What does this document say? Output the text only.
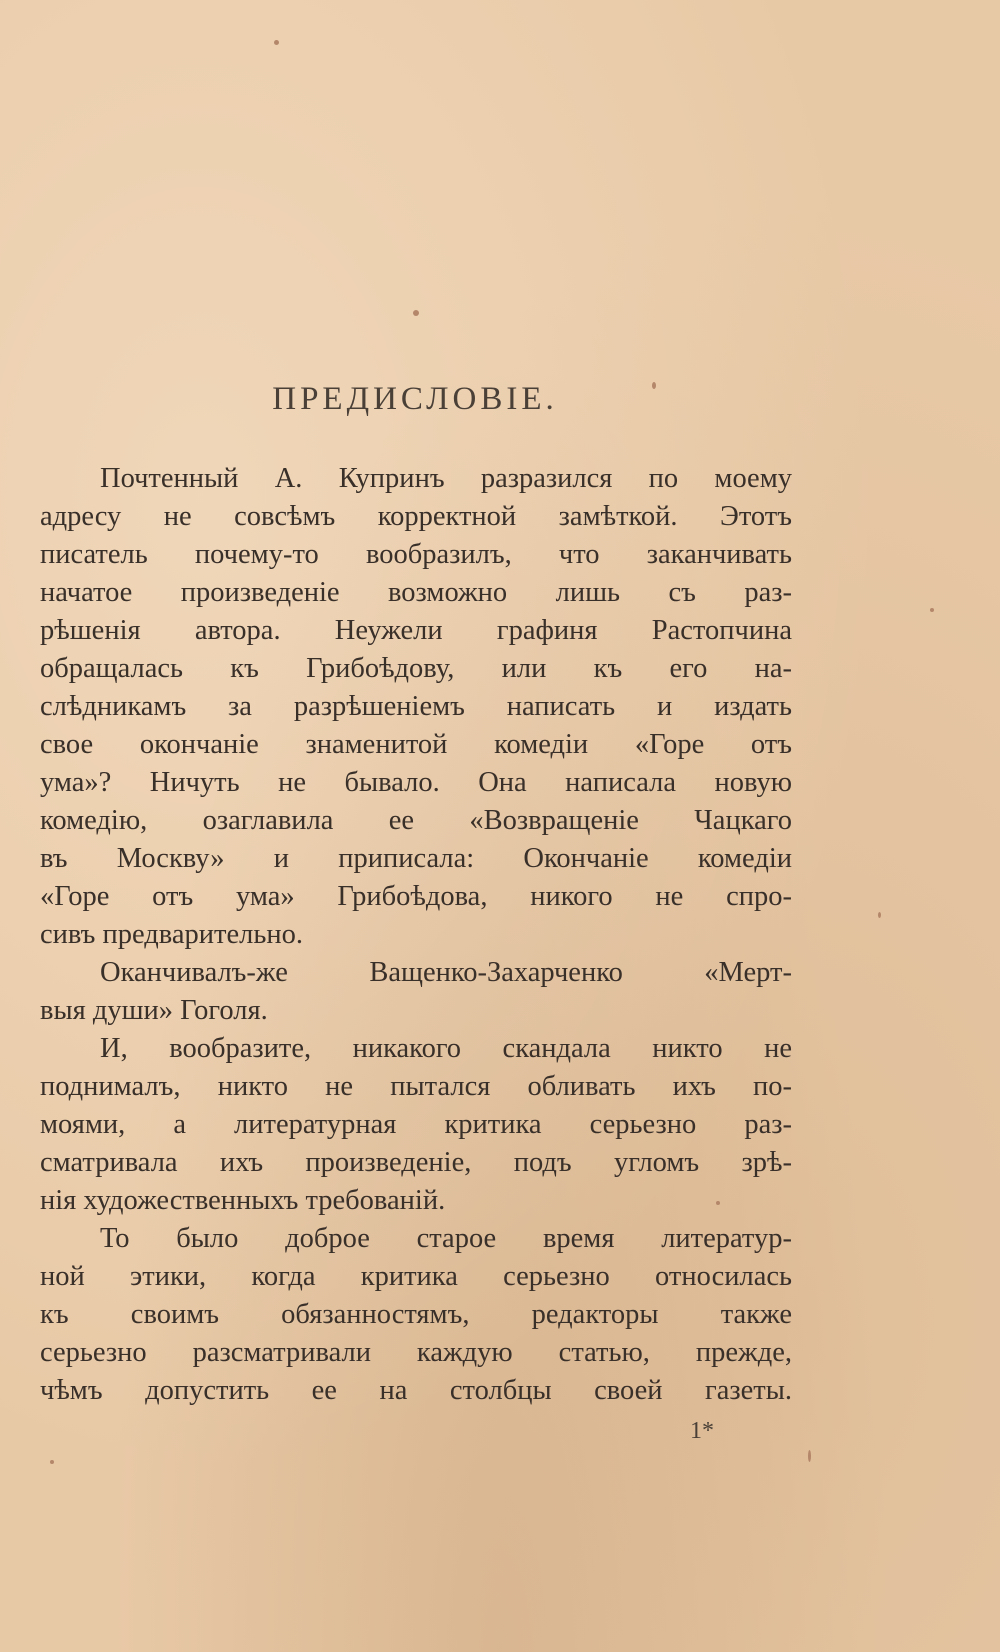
ПРЕДИСЛОВІЕ.
Почтенный А. Купринъ разразился по моему
адресу не совсѣмъ корректной замѣткой. Этотъ
писатель почему-то вообразилъ, что заканчивать
начатое произведеніе возможно лишь съ раз-
рѣшенія автора. Неужели графиня Растопчина
обращалась къ Грибоѣдову, или къ его на-
слѣдникамъ за разрѣшеніемъ написать и издать
свое окончаніе знаменитой комедіи «Горе отъ
ума»? Ничуть не бывало. Она написала новую
комедію, озаглавила ее «Возвращеніе Чацкаго
въ Москву» и приписала: Окончаніе комедіи
«Горе отъ ума» Грибоѣдова, никого не спро-
сивъ предварительно.
Оканчивалъ-же Ващенко-Захарченко «Мерт-
выя души» Гоголя.
И, вообразите, никакого скандала никто не
поднималъ, никто не пытался обливать ихъ по-
моями, а литературная критика серьезно раз-
сматривала ихъ произведеніе, подъ угломъ зрѣ-
нія художественныхъ требованій.
То было доброе старое время литератур-
ной этики, когда критика серьезно относилась
къ своимъ обязанностямъ, редакторы также
серьезно разсматривали каждую статью, прежде,
чѣмъ допустить ее на столбцы своей газеты.
1*
